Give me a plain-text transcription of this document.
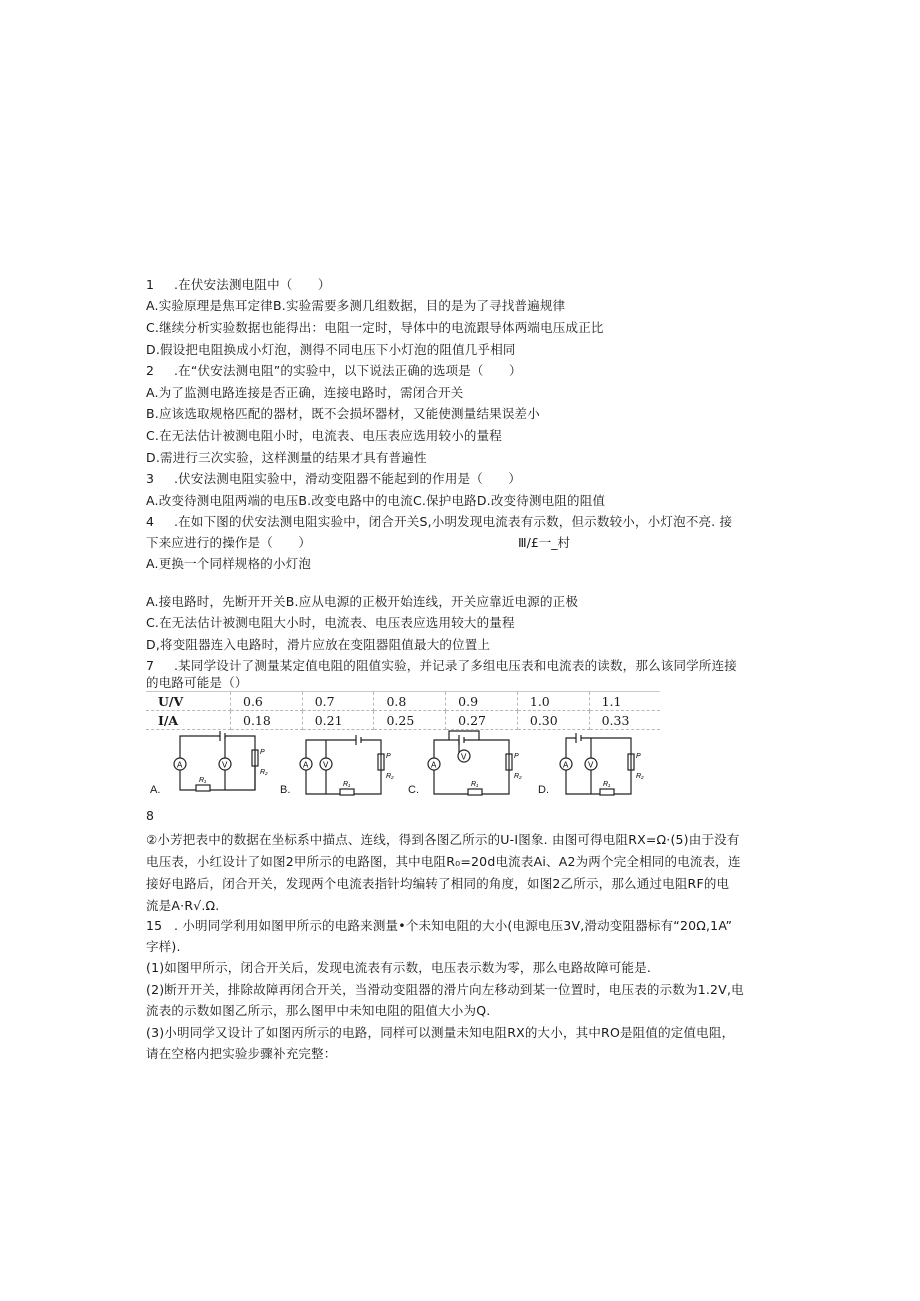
1 .在伏安法测电阻中（　　）
A.实验原理是焦耳定律B.实验需要多测几组数据，目的是为了寻找普遍规律
C.继续分析实验数据也能得出：电阻一定时，导体中的电流跟导体两端电压成正比
D.假设把电阻换成小灯泡，测得不同电压下小灯泡的阻值几乎相同
2 .在“伏安法测电阻”的实验中，以下说法正确的选项是（　　）
A.为了监测电路连接是否正确，连接电路时，需闭合开关
B.应该选取规格匹配的器材，既不会损坏器材，又能使测量结果误差小
C.在无法估计被测电阻小时，电流表、电压表应选用较小的量程
D.需进行三次实验，这样测量的结果才具有普遍性
3 .伏安法测电阻实验中，滑动变阻器不能起到的作用是（　　）
A.改变待测电阻两端的电压B.改变电路中的电流C.保护电路D.改变待测电阻的阻值
4 .在如下图的伏安法测电阻实验中，闭合开关S,小明发现电流表有示数，但示数较小，小灯泡不亮. 接
下来应进行的操作是（　　）	Ⅲ/£一_村
A.更换一个同样规格的小灯泡
A.接电路时，先断开开关B.应从电源的正极开始连线，开关应靠近电源的正极
C.在无法估计被测电阻大小时，电流表、电压表应选用较大的量程
D,将变阻器连入电路时，滑片应放在变阻器阻值最大的位置上
7 .某同学设计了测量某定值电阻的阻值实验，并记录了多组电压表和电流表的读数，那么该同学所连接
的电路可能是（）
U/V	0.6	0.7	0.8	0.9	1.0	1.1
I/A	0.18	0.21	0.25	0.27	0.30	0.33
A	V
R₁
P
R₂
A.
A V
R₁
P
R₂
B.
A
V
R₁
P
R₂
C.
A V
R₁
P
R₂
D.
8
②小芳把表中的数据在坐标系中描点、连线，得到各图乙所示的U-I图象. 由图可得电阻RX=Ω·(5)由于没有
电压表，小红设计了如图2甲所示的电路图，其中电阻R₀=20d电流表Ai、A2为两个完全相同的电流表，连
接好电路后，闭合开关，发现两个电流表指针均编转了相同的角度，如图2乙所示，那么通过电阻RF的电
流是A·R√.Ω.
15 . 小明同学利用如图甲所示的电路来测量•个未知电阻的大小(电源电压3V,滑动变阻器标有“20Ω,1A”
字样).
(1)如图甲所示，闭合开关后，发现电流表有示数，电压表示数为零，那么电路故障可能是.
(2)断开开关，排除故障再闭合开关，当滑动变阻器的滑片向左移动到某一位置时，电压表的示数为1.2V,电
流表的示数如图乙所示，那么图甲中未知电阻的阻值大小为Q.
(3)小明同学又设计了如图丙所示的电路，同样可以测量未知电阻RX的大小，其中RO是阻值的定值电阻，
请在空格内把实验步骤补充完整：
